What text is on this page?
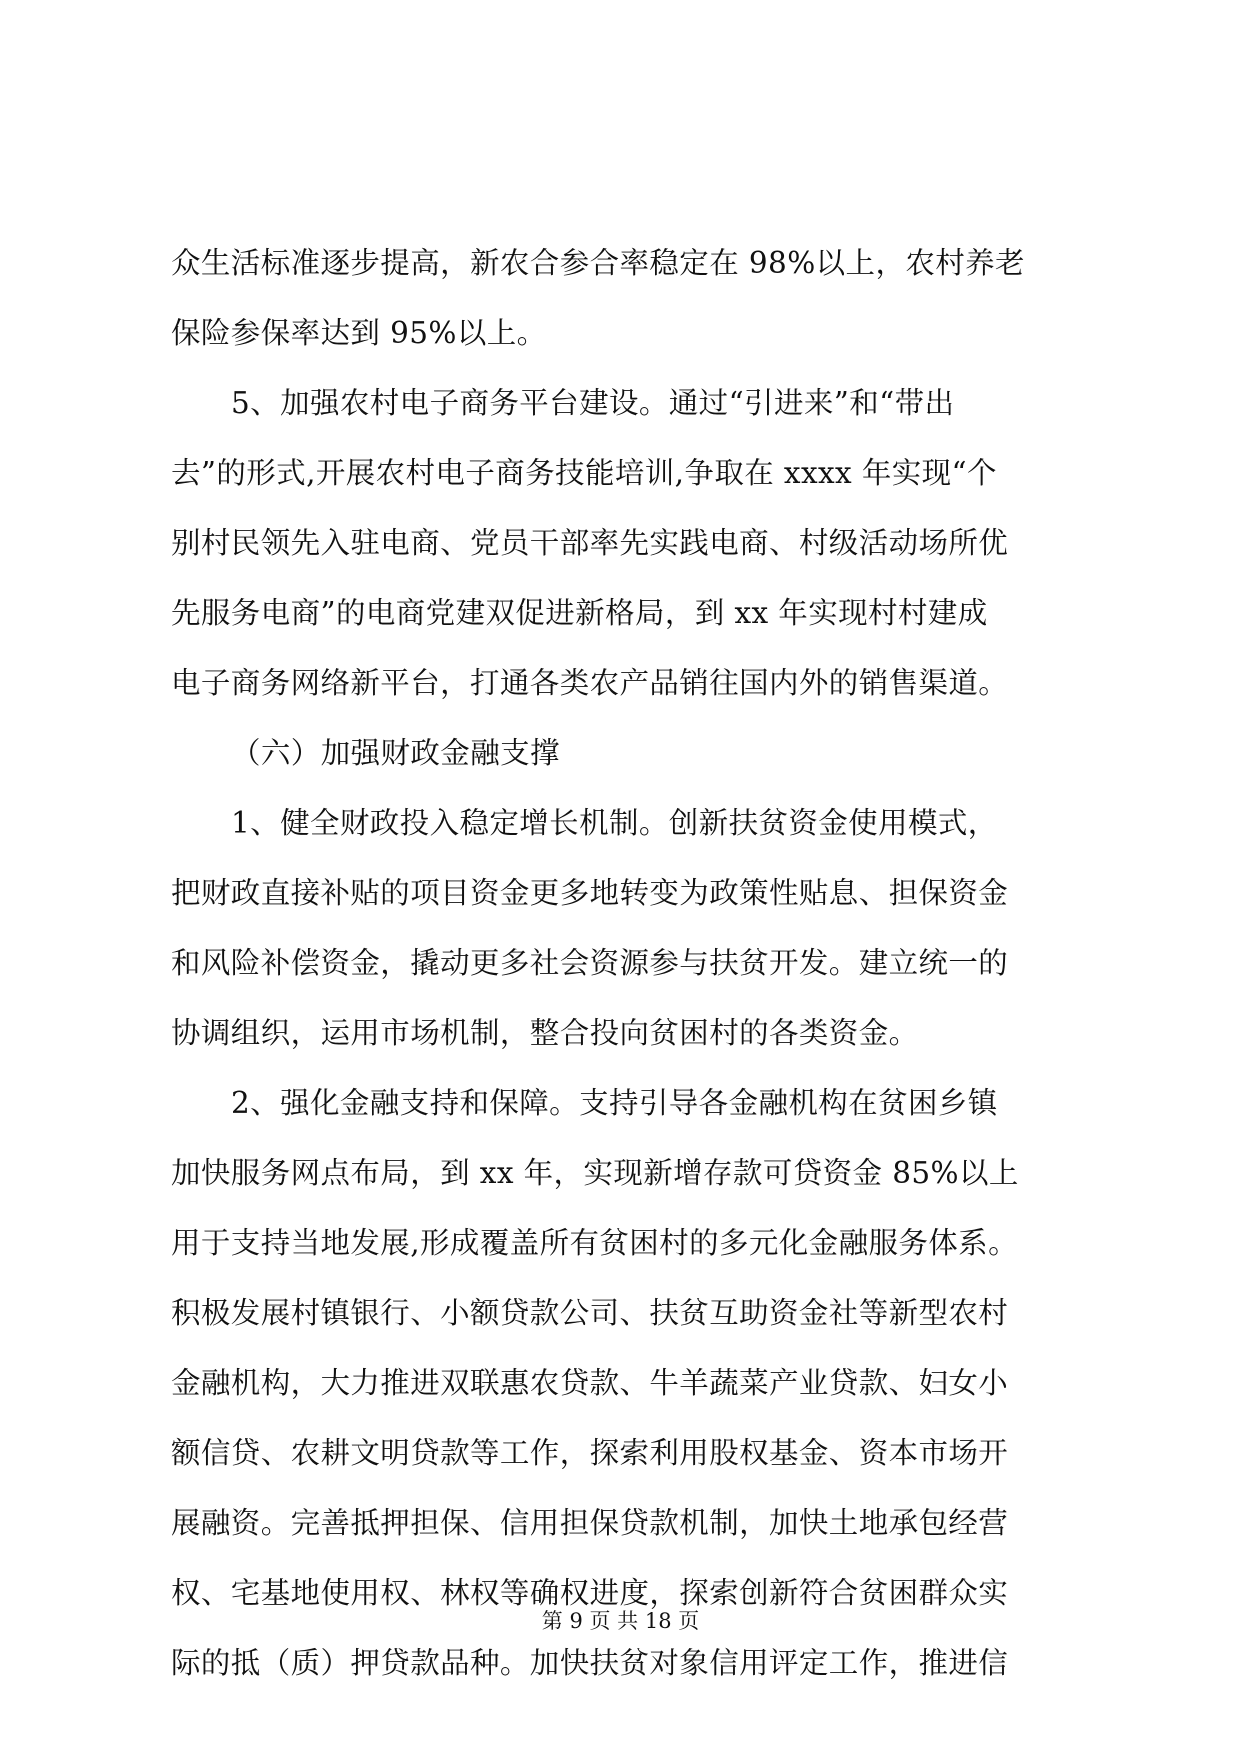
众生活标准逐步提高，新农合参合率稳定在 98%以上，农村养老
保险参保率达到 95%以上。
5、加强农村电子商务平台建设。通过“引进来”和“带出
去”的形式,开展农村电子商务技能培训,争取在 xxxx 年实现“个
别村民领先入驻电商、党员干部率先实践电商、村级活动场所优
先服务电商”的电商党建双促进新格局，到 xx 年实现村村建成
电子商务网络新平台，打通各类农产品销往国内外的销售渠道。
（六）加强财政金融支撑
1、健全财政投入稳定增长机制。创新扶贫资金使用模式，
把财政直接补贴的项目资金更多地转变为政策性贴息、担保资金
和风险补偿资金，撬动更多社会资源参与扶贫开发。建立统一的
协调组织，运用市场机制，整合投向贫困村的各类资金。
2、强化金融支持和保障。支持引导各金融机构在贫困乡镇
加快服务网点布局，到 xx 年，实现新增存款可贷资金 85%以上
用于支持当地发展,形成覆盖所有贫困村的多元化金融服务体系。
积极发展村镇银行、小额贷款公司、扶贫互助资金社等新型农村
金融机构，大力推进双联惠农贷款、牛羊蔬菜产业贷款、妇女小
额信贷、农耕文明贷款等工作，探索利用股权基金、资本市场开
展融资。完善抵押担保、信用担保贷款机制，加快土地承包经营
权、宅基地使用权、林权等确权进度，探索创新符合贫困群众实
际的抵（质）押贷款品种。加快扶贫对象信用评定工作，推进信
第 9 页 共 18 页
